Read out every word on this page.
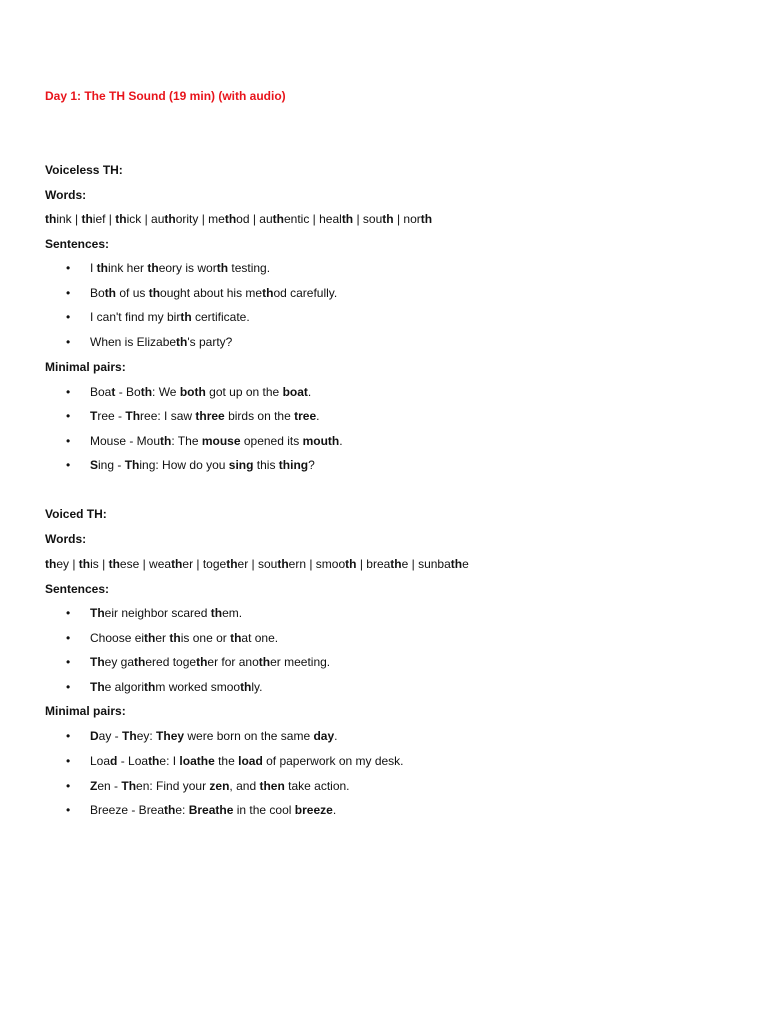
Day 1: The TH Sound (19 min) (with audio)
Voiceless TH:
Words:
think | thief | thick | authority | method | authentic | health | south | north
Sentences:
• I think her theory is worth testing.
• Both of us thought about his method carefully.
• I can't find my birth certificate.
• When is Elizabeth's party?
Minimal pairs:
• Boat - Both: We both got up on the boat.
• Tree - Three: I saw three birds on the tree.
• Mouse - Mouth: The mouse opened its mouth.
• Sing - Thing: How do you sing this thing?
Voiced TH:
Words:
they | this | these | weather | together | southern | smooth | breathe | sunbathe
Sentences:
• Their neighbor scared them.
• Choose either this one or that one.
• They gathered together for another meeting.
• The algorithm worked smoothly.
Minimal pairs:
• Day - They: They were born on the same day.
• Load - Loathe: I loathe the load of paperwork on my desk.
• Zen - Then: Find your zen, and then take action.
• Breeze - Breathe: Breathe in the cool breeze.
